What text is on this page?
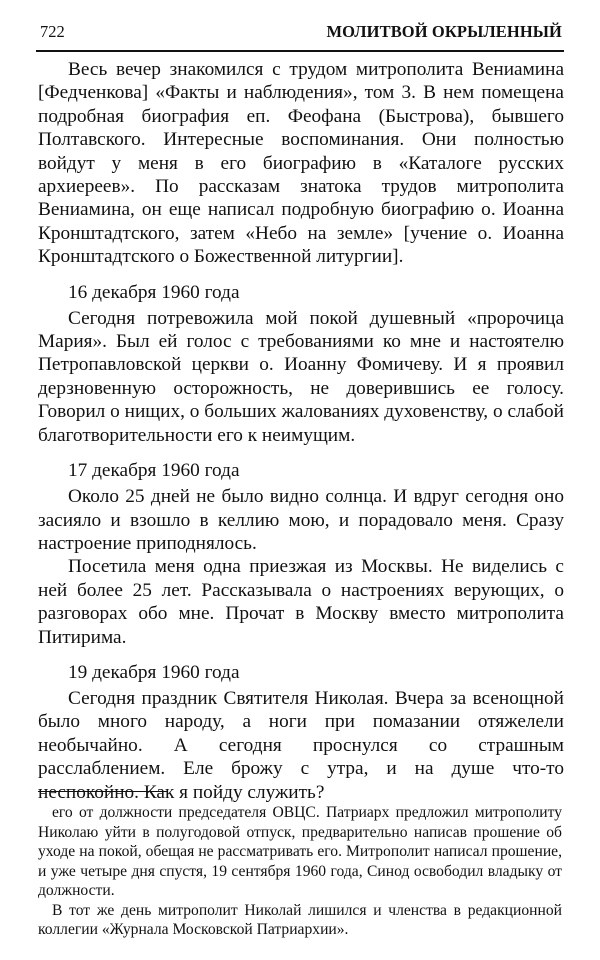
722	МОЛИТВОЙ ОКРЫЛЕННЫЙ

Весь вечер знакомился с трудом митрополита Вениамина [Федченкова] «Факты и наблюдения», том 3. В нем помещена подробная биография еп. Феофана (Быстрова), бывшего Полтавского. Интересные воспоминания. Они полностью войдут у меня в его биографию в «Каталоге русских архиереев». По рассказам знатока трудов митрополита Вениамина, он еще написал подробную биографию о. Иоанна Кронштадтского, затем «Небо на земле» [учение о. Иоанна Кронштадтского о Божественной литургии].

16 декабря 1960 года

Сегодня потревожила мой покой душевный «пророчица Мария». Был ей голос с требованиями ко мне и настоятелю Петропавловской церкви о. Иоанну Фомичеву. И я проявил дерзновенную осторожность, не доверившись ее голосу. Говорил о нищих, о больших жалованиях духовенству, о слабой благотворительности его к неимущим.

17 декабря 1960 года

Около 25 дней не было видно солнца. И вдруг сегодня оно засияло и взошло в келлию мою, и порадовало меня. Сразу настроение приподнялось.

Посетила меня одна приезжая из Москвы. Не виделись с ней более 25 лет. Рассказывала о настроениях верующих, о разговорах обо мне. Прочат в Москву вместо митрополита Питирима.

19 декабря 1960 года

Сегодня праздник Святителя Николая. Вчера за всенощной было много народу, а ноги при помазании отяжелели необычайно. А сегодня проснулся со страшным расслаблением. Еле брожу с утра, и на душе что-то неспокойно. Как я пойду служить?

его от должности председателя ОВЦС. Патриарх предложил митрополиту Николаю уйти в полугодовой отпуск, предварительно написав прошение об уходе на покой, обещая не рассматривать его. Митрополит написал прошение, и уже четыре дня спустя, 19 сентября 1960 года, Синод освободил владыку от должности.

В тот же день митрополит Николай лишился и членства в редакционной коллегии «Журнала Московской Патриархии».
